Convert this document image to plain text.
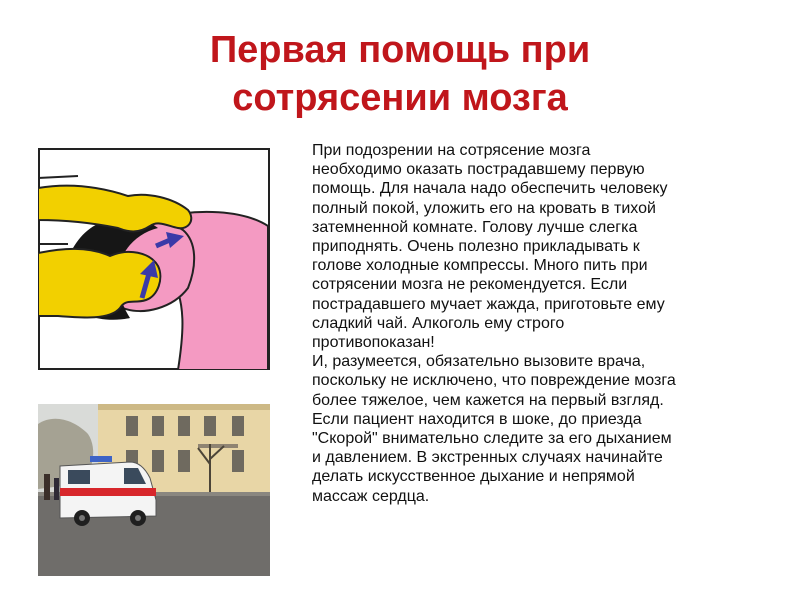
Первая помощь при
сотрясении мозга
03
При подозрении на сотрясение мозга
необходимо оказать пострадавшему первую
помощь. Для начала надо обеспечить человеку
полный покой, уложить его на кровать в тихой
затемненной комнате. Голову лучше слегка
приподнять. Очень полезно прикладывать к
голове холодные компрессы. Много пить при
сотрясении мозга не рекомендуется. Если
пострадавшего мучает жажда, приготовьте ему
сладкий чай. Алкоголь ему строго
противопоказан!
И, разумеется, обязательно вызовите врача,
поскольку не исключено, что повреждение мозга
более тяжелое, чем кажется на первый взгляд.
Если пациент находится в шоке, до приезда
"Скорой" внимательно следите за его дыханием
и давлением. В экстренных случаях начинайте
делать искусственное дыхание и непрямой
массаж сердца.
